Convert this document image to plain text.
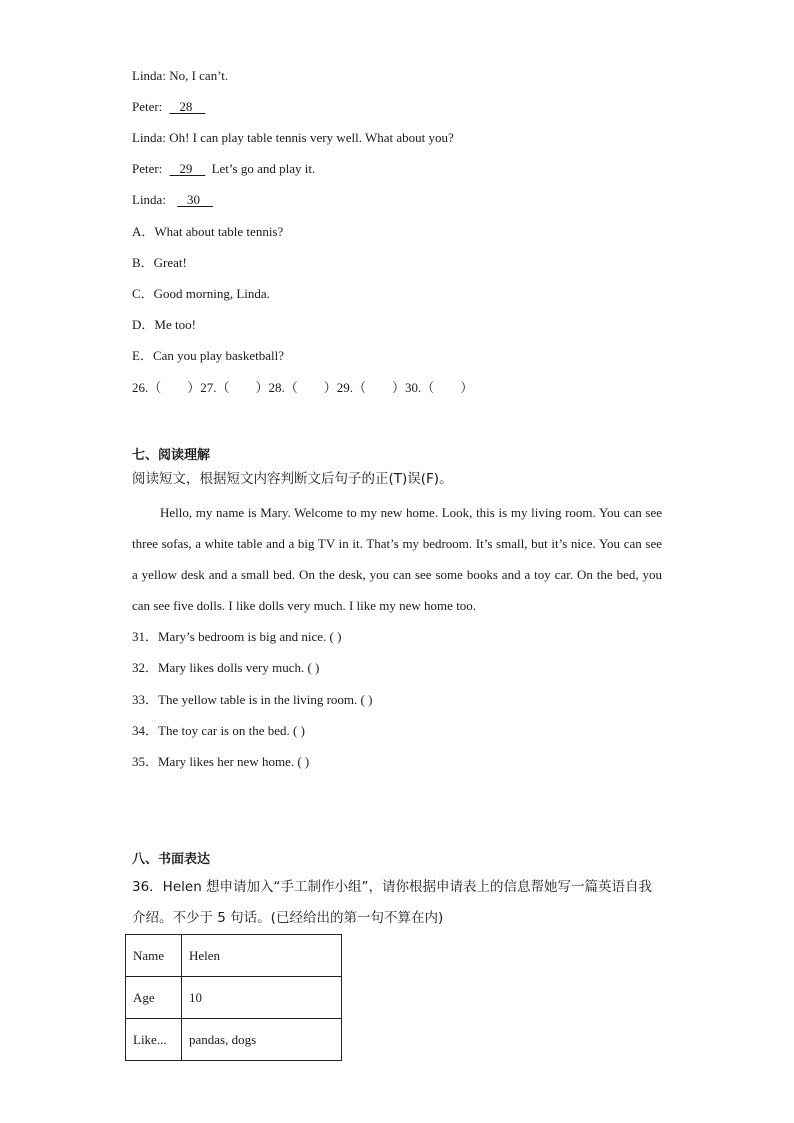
Linda: No, I can’t.
Peter: 28
Linda: Oh! I can play table tennis very well. What about you?
Peter: 29 Let’s go and play it.
Linda: 30
A．What about table tennis?
B．Great!
C．Good morning, Linda.
D．Me too!
E．Can you play basketball?
26.（　　）27.（　　）28.（　　）29.（　　）30.（　　）
七、阅读理解
阅读短文，根据短文内容判断文后句子的正(T)误(F)。
Hello, my name is Mary. Welcome to my new home. Look, this is my living room. You can see three sofas, a white table and a big TV in it. That’s my bedroom. It’s small, but it’s nice. You can see a yellow desk and a small bed. On the desk, you can see some books and a toy car. On the bed, you can see five dolls. I like dolls very much. I like my new home too.
31．Mary’s bedroom is big and nice. ( )
32．Mary likes dolls very much. ( )
33．The yellow table is in the living room. ( )
34．The toy car is on the bed. ( )
35．Mary likes her new home. ( )
八、书面表达
36．Helen 想申请加入“手工制作小组”，请你根据申请表上的信息帮她写一篇英语自我
介绍。不少于 5 句话。(已经给出的第一句不算在内)
Name	Helen
Age	10
Like...	pandas, dogs
